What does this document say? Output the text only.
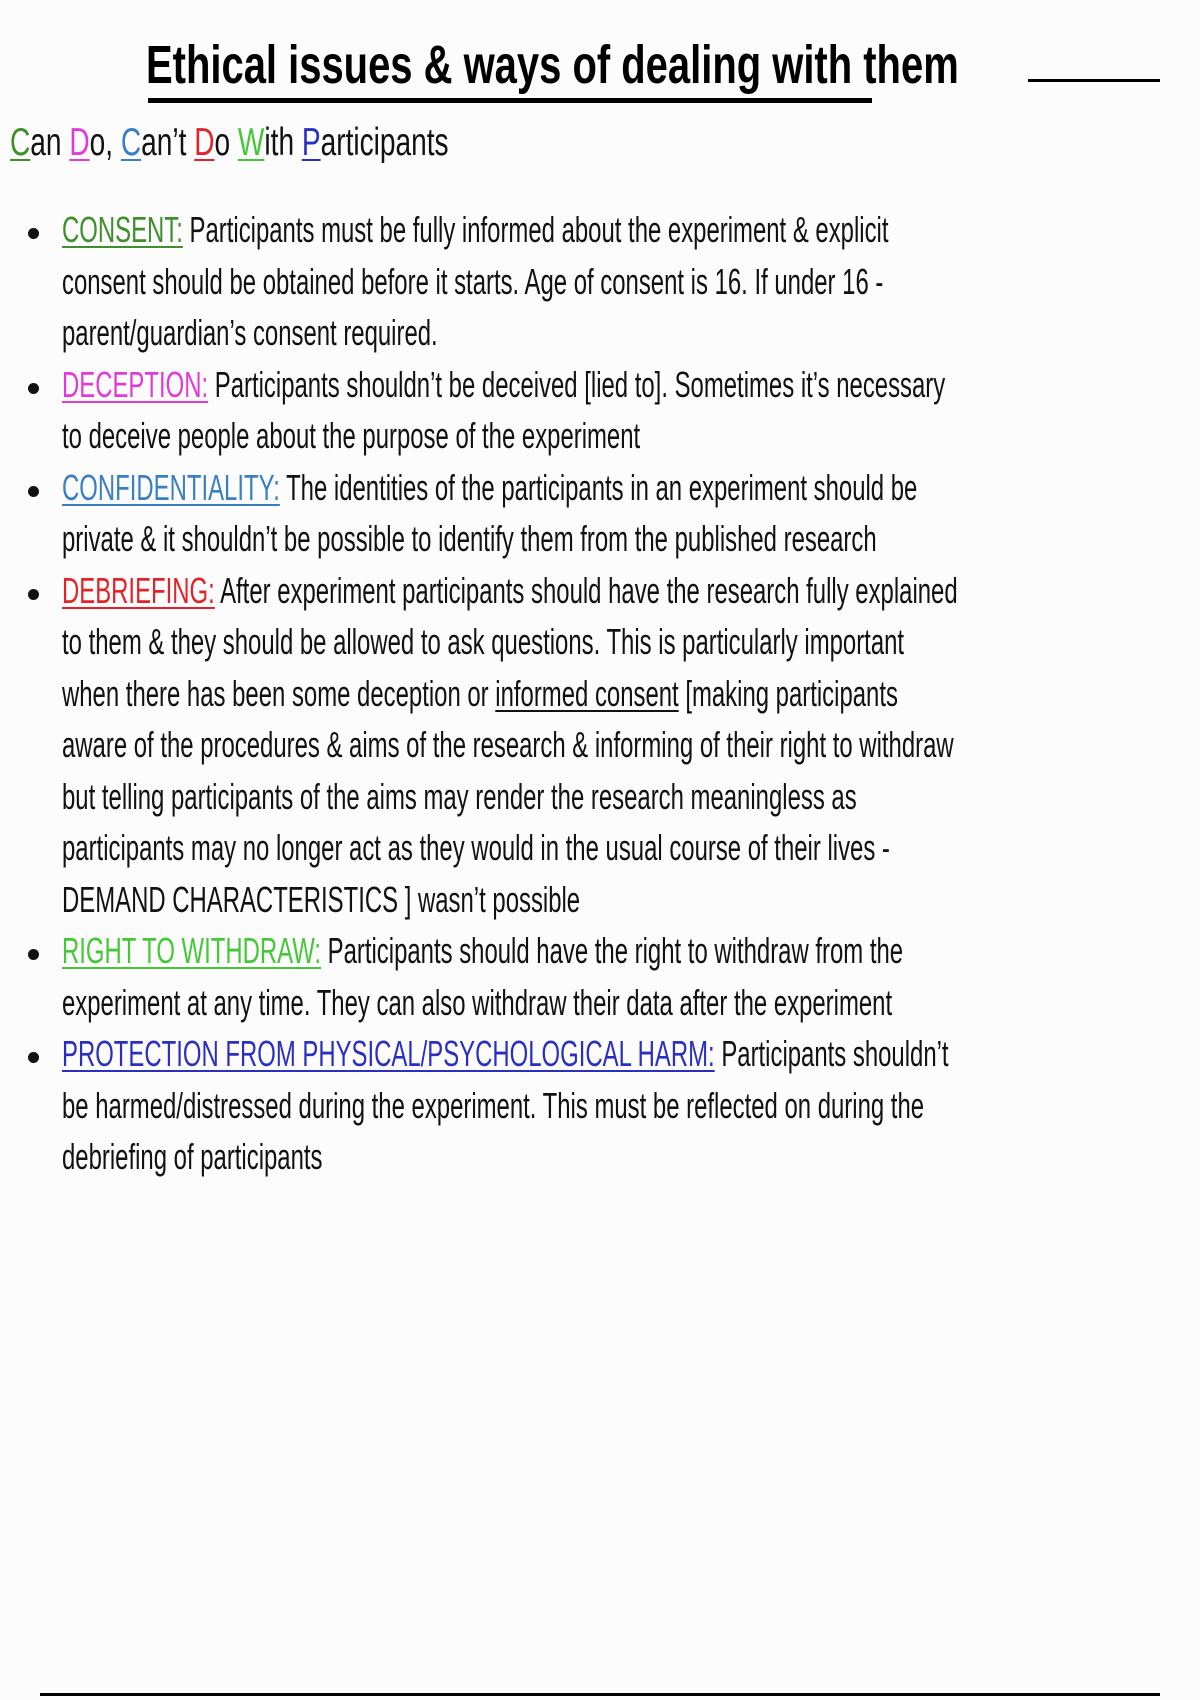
Ethical issues & ways of dealing with them
Can Do, Can’t Do With Participants
CONSENT: Participants must be fully informed about the experiment & explicit consent should be obtained before it starts. Age of consent is 16. If under 16 - parent/guardian’s consent required.
DECEPTION: Participants shouldn’t be deceived [lied to]. Sometimes it’s necessary to deceive people about the purpose of the experiment
CONFIDENTIALITY: The identities of the participants in an experiment should be private & it shouldn’t be possible to identify them from the published research
DEBRIEFING: After experiment participants should have the research fully explained to them & they should be allowed to ask questions. This is particularly important when there has been some deception or informed consent [making participants aware of the procedures & aims of the research & informing of their right to withdraw but telling participants of the aims may render the research meaningless as participants may no longer act as they would in the usual course of their lives - DEMAND CHARACTERISTICS ] wasn’t possible
RIGHT TO WITHDRAW: Participants should have the right to withdraw from the experiment at any time. They can also withdraw their data after the experiment
PROTECTION FROM PHYSICAL/PSYCHOLOGICAL HARM: Participants shouldn’t be harmed/distressed during the experiment. This must be reflected on during the debriefing of participants
